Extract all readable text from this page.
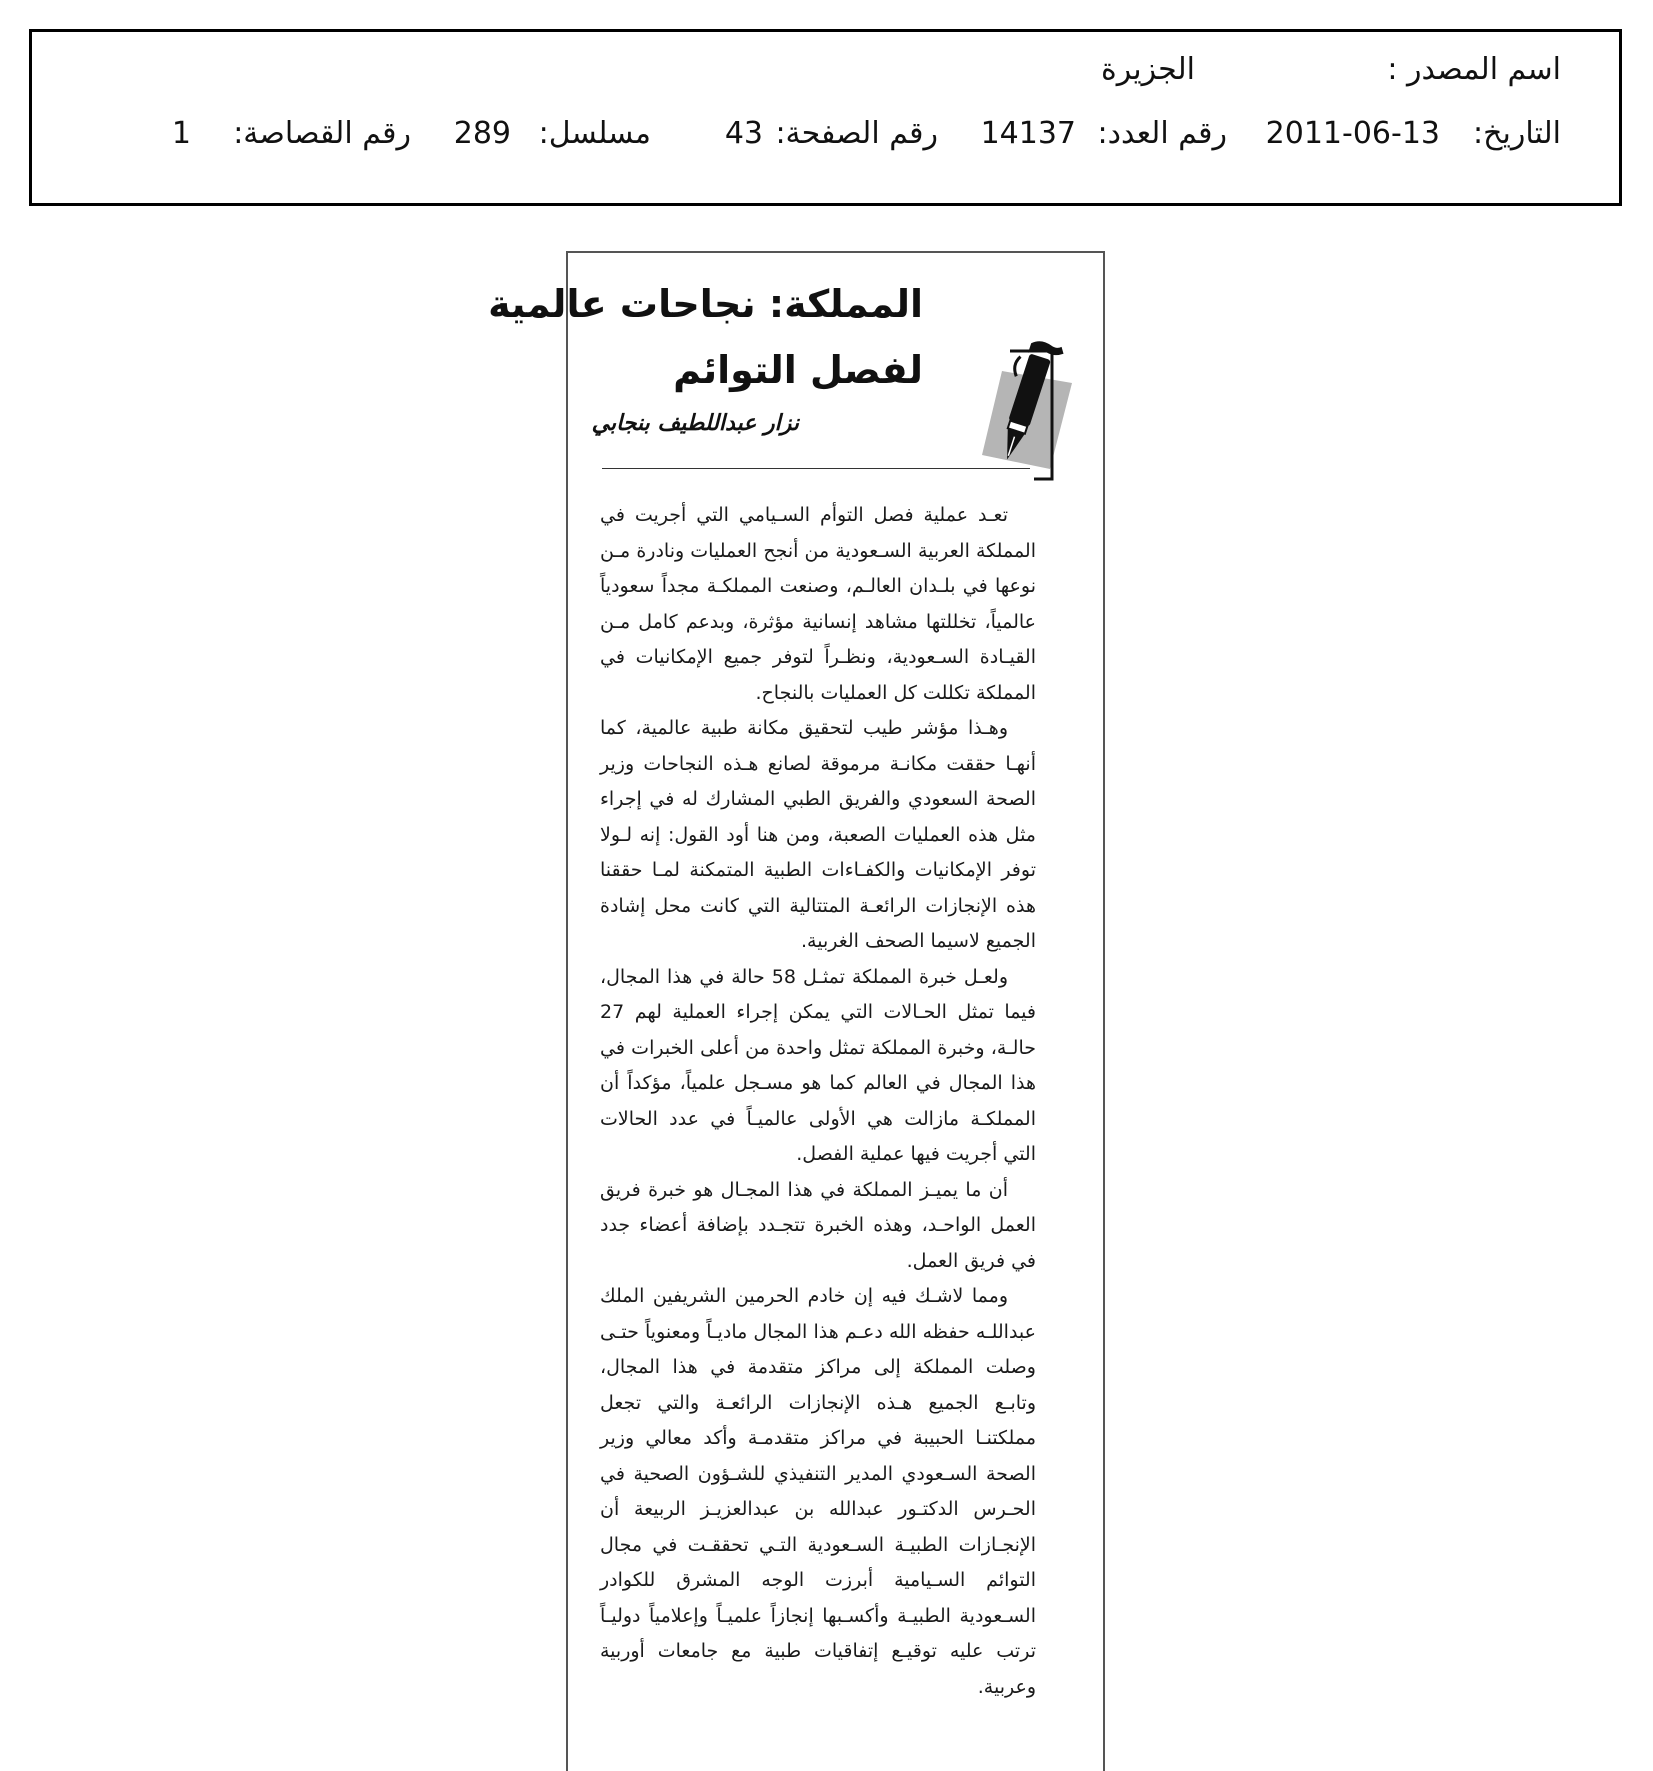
اسم المصدر :
الجزيرة
التاريخ:
2011-06-13
رقم العدد:
14137
رقم الصفحة:
43
مسلسل:
289
رقم القصاصة:
1
المملكة: نجاحات عالمية
لفصل التوائم
نزار عبداللطيف بنجابي

تعـد عملية فصل التوأم السـيامي التي أجريت في المملكة العربية السـعودية من أنجح العمليات ونادرة مـن نوعها في بلـدان العالـم، وصنعت المملكـة مجداً سعودياً عالمياً، تخللتها مشاهد إنسانية مؤثرة، وبدعم كامل مـن القيـادة السـعودية، ونظـراً لتوفر جميع الإمكانيات في المملكة تكللت كل العمليات بالنجاح.

وهـذا مؤشر طيب لتحقيق مكانة طبية عالمية، كما أنهـا حققت مكانـة مرموقة لصانع هـذه النجاحات وزير الصحة السعودي والفريق الطبي المشارك له في إجراء مثل هذه العمليات الصعبة، ومن هنا أود القول: إنه لـولا توفر الإمكانيات والكفـاءات الطبية المتمكنة لمـا حققنا هذه الإنجازات الرائعـة المتتالية التي كانت محل إشادة الجميع لاسيما الصحف الغربية.

ولعـل خبرة المملكة تمثـل 58 حالة في هذا المجال، فيما تمثل الحـالات التي يمكن إجراء العملية لهم 27 حالـة، وخبرة المملكة تمثل واحدة من أعلى الخبرات في هذا المجال في العالم كما هو مسـجل علمياً، مؤكداً أن المملكـة مازالت هي الأولى عالميـاً في عدد الحالات التي أجريت فيها عملية الفصل.

أن ما يميـز المملكة في هذا المجـال هو خبرة فريق العمل الواحـد، وهذه الخبرة تتجـدد بإضافة أعضاء جدد في فريق العمل.

ومما لاشـك فيه إن خادم الحرمين الشريفين الملك عبداللـه حفظه الله دعـم هذا المجال ماديـاً ومعنوياً حتـى وصلت المملكة إلى مراكز متقدمة في هذا المجال، وتابـع الجميع هـذه الإنجازات الرائعـة والتي تجعل مملكتنـا الحبيبة في مراكز متقدمـة وأكد معالي وزير الصحة السـعودي المدير التنفيذي للشـؤون الصحية في الحـرس الدكتـور عبدالله بن عبدالعزيـز الربيعة أن الإنجـازات الطبيـة السـعودية التـي تحققـت في مجال التوائم السـيامية أبرزت الوجه المشرق للكوادر السـعودية الطبيـة وأكسـبها إنجازاً علميـاً وإعلامياً دوليـاً ترتب عليه توقيـع إتفاقيات طبية مع جامعات أوربية وعربية.
